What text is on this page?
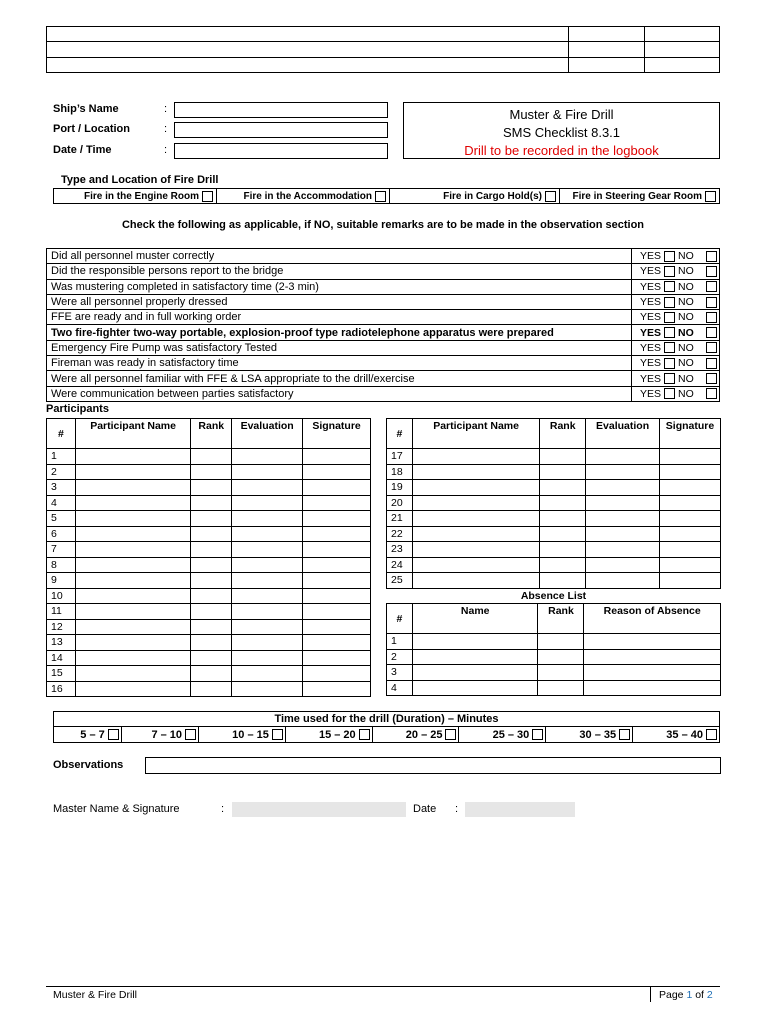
Ship’s Name	:
Port / Location	:
Date / Time	:
Muster & Fire Drill
SMS Checklist 8.3.1
Drill to be recorded in the logbook
Type and Location of Fire Drill
Fire in the Engine Room	Fire in the Accommodation	Fire in Cargo Hold(s)	Fire in Steering Gear Room
Check the following as applicable, if NO, suitable remarks are to be made in the observation section
Did all personnel muster correctly	YES NO

Did the responsible persons report to the bridge	YES NO

Was mustering completed in satisfactory time (2-3 min)	YES NO

Were all personnel properly dressed	YES NO

FFE are ready and in full working order	YES NO

Two fire-fighter two-way portable, explosion-proof type radiotelephone apparatus were prepared	YES NO

Emergency Fire Pump was satisfactory Tested	YES NO

Fireman was ready in satisfactory time	YES NO

Were all personnel familiar with FFE & LSA appropriate to the drill/exercise	YES NO

Were communication between parties satisfactory	YES NO
Participants
#	Participant Name	Rank	Evaluation	Signature
1				
2				
3				
4				
5				
6				
7				
8				
9				
10				
11				
12				
13				
14				
15				
16				
#	Participant Name	Rank	Evaluation	Signature
17				
18				
19				
20				
21				
22				
23				
24				
25				
Absence List			
#	Name	Rank	Reason of Absence
1			
2			
3			
4			
Time used for the drill (Duration) – Minutes

5 – 7	7 – 10	10 – 15	15 – 20	20 – 25	25 – 30	30 – 35	35 – 40
Observations
Master Name & Signature	:	Date :
Muster & Fire Drill	Page 1 of 2
